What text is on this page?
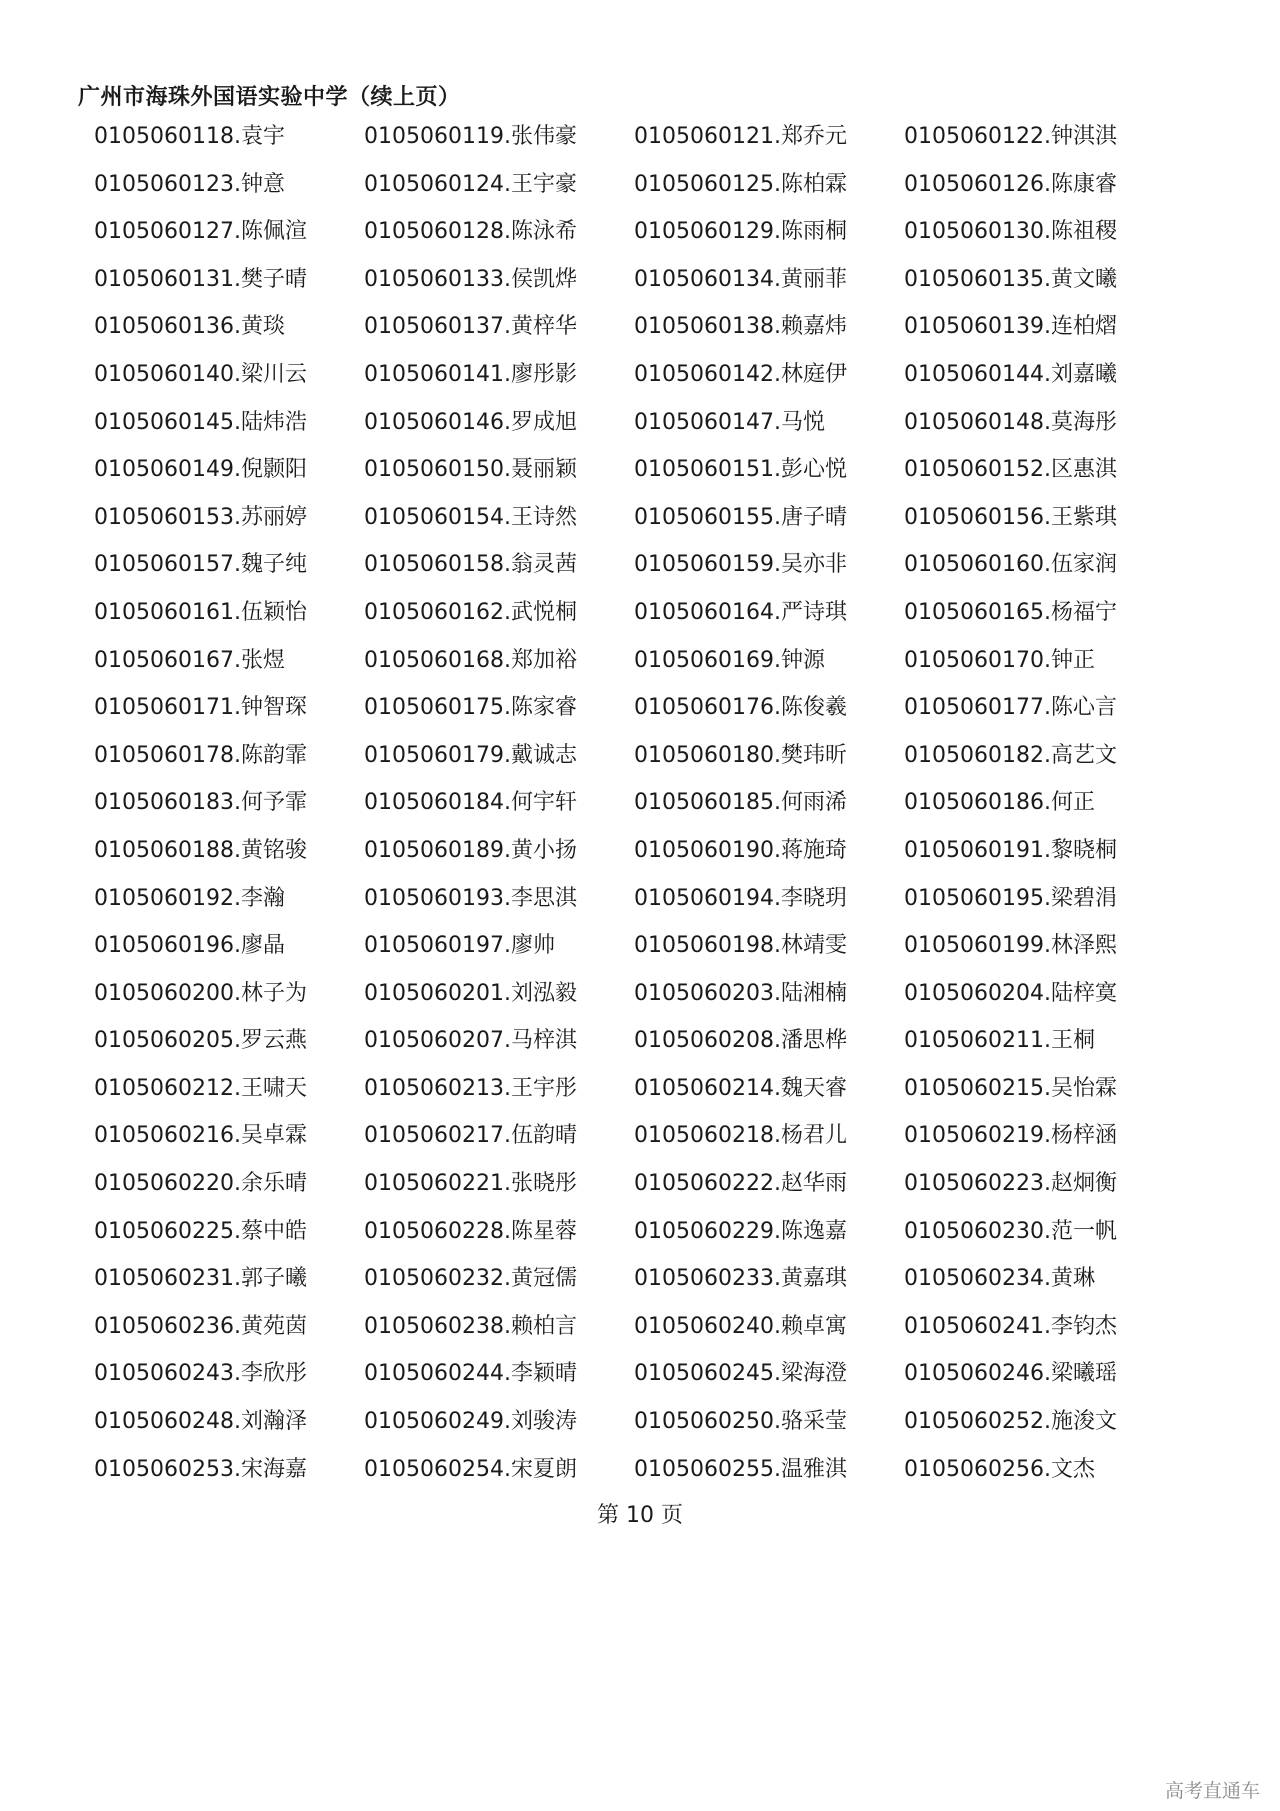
广州市海珠外国语实验中学（续上页）
0105060118.袁宇	0105060119.张伟豪	0105060121.郑乔元	0105060122.钟淇淇
0105060123.钟意	0105060124.王宇豪	0105060125.陈柏霖	0105060126.陈康睿
0105060127.陈佩渲	0105060128.陈泳希	0105060129.陈雨桐	0105060130.陈祖稷
0105060131.樊子晴	0105060133.侯凯烨	0105060134.黄丽菲	0105060135.黄文曦
0105060136.黄琰	0105060137.黄梓华	0105060138.赖嘉炜	0105060139.连柏熠
0105060140.梁川云	0105060141.廖彤影	0105060142.林庭伊	0105060144.刘嘉曦
0105060145.陆炜浩	0105060146.罗成旭	0105060147.马悦	0105060148.莫海彤
0105060149.倪颢阳	0105060150.聂丽颖	0105060151.彭心悦	0105060152.区惠淇
0105060153.苏丽婷	0105060154.王诗然	0105060155.唐子晴	0105060156.王紫琪
0105060157.魏子纯	0105060158.翁灵茜	0105060159.吴亦非	0105060160.伍家润
0105060161.伍颖怡	0105060162.武悦桐	0105060164.严诗琪	0105060165.杨福宁
0105060167.张煜	0105060168.郑加裕	0105060169.钟源	0105060170.钟正
0105060171.钟智琛	0105060175.陈家睿	0105060176.陈俊羲	0105060177.陈心言
0105060178.陈韵霏	0105060179.戴诚志	0105060180.樊玮昕	0105060182.高艺文
0105060183.何予霏	0105060184.何宇轩	0105060185.何雨浠	0105060186.何正
0105060188.黄铭骏	0105060189.黄小扬	0105060190.蒋施琦	0105060191.黎晓桐
0105060192.李瀚	0105060193.李思淇	0105060194.李晓玥	0105060195.梁碧涓
0105060196.廖晶	0105060197.廖帅	0105060198.林靖雯	0105060199.林泽熙
0105060200.林子为	0105060201.刘泓毅	0105060203.陆湘楠	0105060204.陆梓寞
0105060205.罗云燕	0105060207.马梓淇	0105060208.潘思桦	0105060211.王桐
0105060212.王啸天	0105060213.王宇彤	0105060214.魏天睿	0105060215.吴怡霖
0105060216.吴卓霖	0105060217.伍韵晴	0105060218.杨君儿	0105060219.杨梓涵
0105060220.余乐晴	0105060221.张晓彤	0105060222.赵华雨	0105060223.赵炯衡
0105060225.蔡中皓	0105060228.陈星蓉	0105060229.陈逸嘉	0105060230.范一帆
0105060231.郭子曦	0105060232.黄冠儒	0105060233.黄嘉琪	0105060234.黄琳
0105060236.黄苑茵	0105060238.赖柏言	0105060240.赖卓寓	0105060241.李钧杰
0105060243.李欣彤	0105060244.李颖晴	0105060245.梁海澄	0105060246.梁曦瑶
0105060248.刘瀚泽	0105060249.刘骏涛	0105060250.骆采莹	0105060252.施浚文
0105060253.宋海嘉	0105060254.宋夏朗	0105060255.温雅淇	0105060256.文杰
第 10 页
高考直通车
